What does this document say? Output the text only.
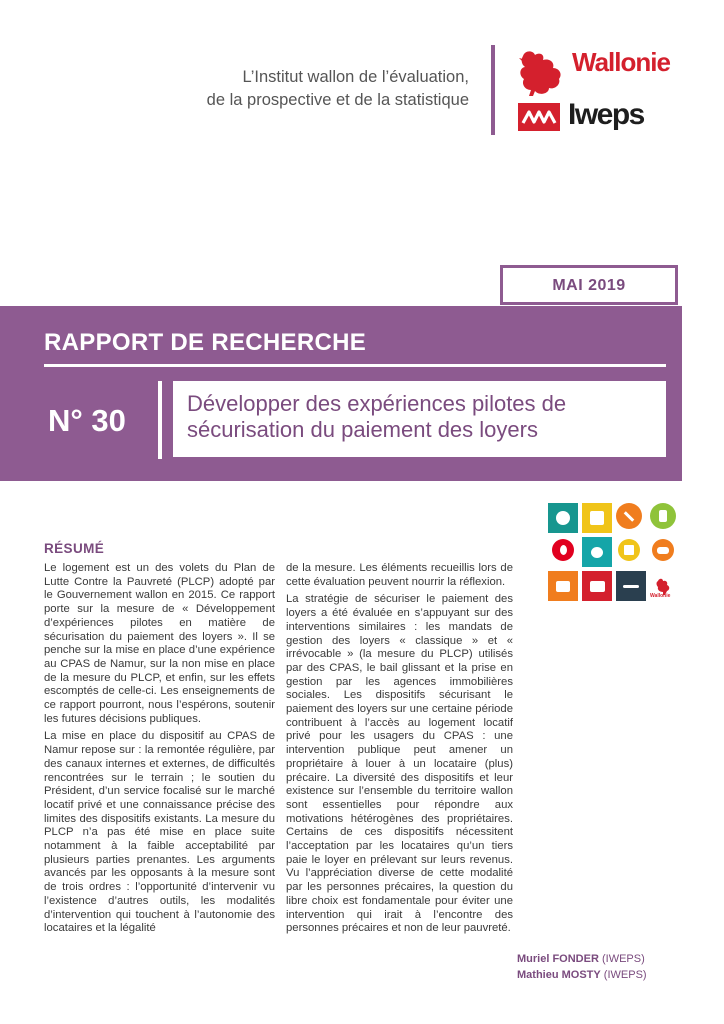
L’Institut wallon de l’évaluation,
de la prospective et de la statistique
Wallonie
Iweps
MAI 2019
RAPPORT DE RECHERCHE
N° 30	Développer des expériences pilotes de
sécurisation du paiement des loyers
Wallonie
RÉSUMÉ

Le logement est un des volets du Plan de Lutte Contre la Pauvreté (PLCP) adopté par le Gouvernement wallon en 2015. Ce rapport porte sur la mesure de « Développement d’expériences pilotes en matière de sécurisation du paiement des loyers ». Il se penche sur la mise en place d’une expérience au CPAS de Namur, sur la non mise en place de la mesure du PLCP, et enfin, sur les effets escomptés de celle-ci. Les enseignements de ce rapport pourront, nous l’espérons, soutenir les futures décisions publiques.

La mise en place du dispositif au CPAS de Namur repose sur : la remontée régulière, par des canaux internes et externes, de difficultés rencontrées sur le terrain ; le soutien du Président, d’un service focalisé sur le marché locatif privé et une connaissance précise des limites des dispositifs existants. La mesure du PLCP n’a pas été mise en place suite notamment à la faible acceptabilité par plusieurs parties prenantes. Les arguments avancés par les opposants à la mesure sont de trois ordres : l’opportunité d’intervenir vu l’existence d’autres outils, les modalités d’intervention qui touchent à l’autonomie des locataires et la légalité

de la mesure. Les éléments recueillis lors de cette évaluation peuvent nourrir la réflexion.

La stratégie de sécuriser le paiement des loyers a été évaluée en s’appuyant sur des interventions similaires : les mandats de gestion des loyers « classique » et « irrévocable » (la mesure du PLCP) utilisés par des CPAS, le bail glissant et la prise en gestion par les agences immobilières sociales. Les dispositifs sécurisant le paiement des loyers sur une certaine période contribuent à l’accès au logement locatif privé pour les usagers du CPAS : une intervention publique peut amener un propriétaire à louer à un locataire (plus) précaire. La diversité des dispositifs et leur existence sur l’ensemble du territoire wallon sont essentielles pour répondre aux motivations hétérogènes des propriétaires. Certains de ces dispositifs nécessitent l’acceptation par les locataires qu’un tiers paie le loyer en prélevant sur leurs revenus. Vu l’appréciation diverse de cette modalité par les personnes précaires, la question du libre choix est fondamentale pour éviter une intervention qui irait à l’encontre des personnes précaires et non de leur pauvreté.

Muriel FONDER (IWEPS)
Mathieu MOSTY (IWEPS)
